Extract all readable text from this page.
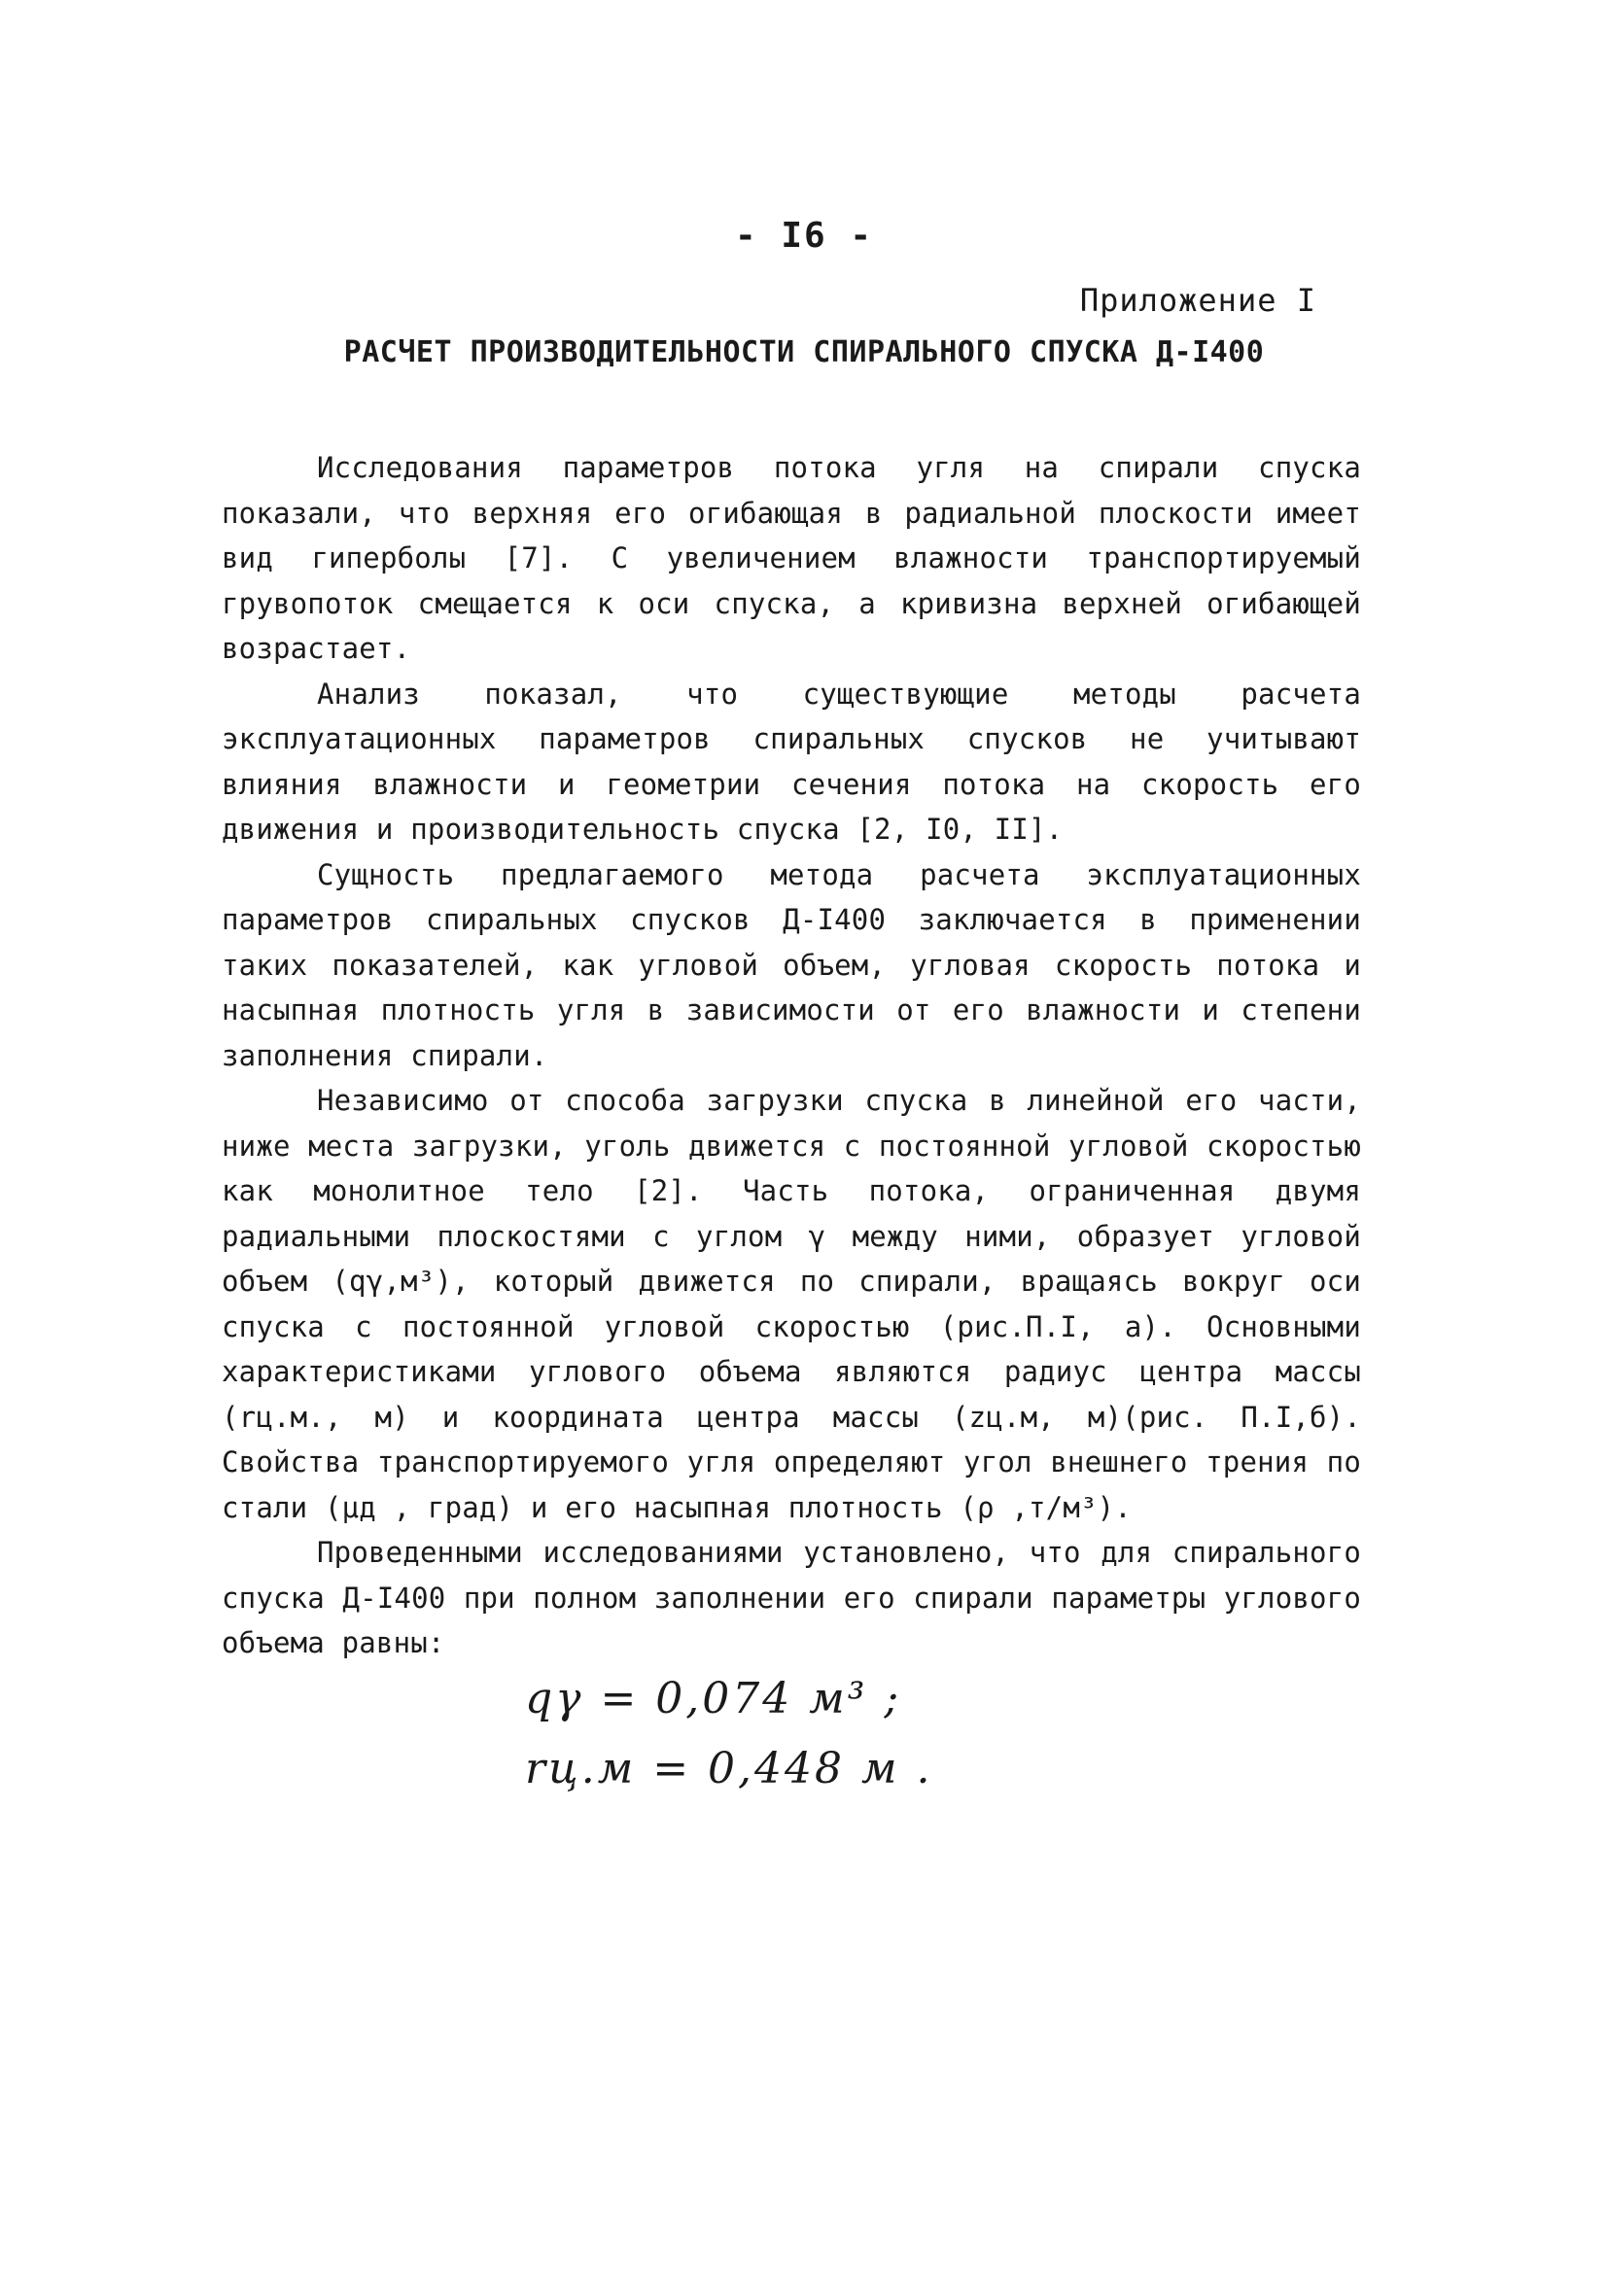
- I6 -
Приложение I
РАСЧЕТ ПРОИЗВОДИТЕЛЬНОСТИ СПИРАЛЬНОГО СПУСКА Д-I400

Исследования параметров потока угля на спирали спуска показали, что верхняя его огибающая в радиальной плоскости имеет вид гиперболы [7]. С увеличением влажности транспортируемый грувопоток смещается к оси спуска, а кривизна верхней огибающей возрастает.

Анализ показал, что существующие методы расчета эксплуатационных параметров спиральных спусков не учитывают влияния влажности и геометрии сечения потока на скорость его движения и производительность спуска [2, I0, II].

Сущность предлагаемого метода расчета эксплуатационных параметров спиральных спусков Д-I400 заключается в применении таких показателей, как угловой объем, угловая скорость потока и насыпная плотность угля в зависимости от его влажности и степени заполнения спирали.

Независимо от способа загрузки спуска в линейной его части, ниже места загрузки, уголь движется с постоянной угловой скоростью как монолитное тело [2]. Часть потока, ограниченная двумя радиальными плоскостями с углом γ между ними, образует угловой объем (qγ,м³), который движется по спирали, вращаясь вокруг оси спуска с постоянной угловой скоростью (рис.П.I, а). Основными характеристиками углового объема являются радиус центра массы (rц.м., м) и координата центра массы (zц.м, м)(рис. П.I,б). Свойства транспортируемого угля определяют угол внешнего трения по стали (μд , град) и его насыпная плотность (ρ ,т/м³).

Проведенными исследованиями установлено, что для спирального спуска Д-I400 при полном заполнении его спирали параметры углового объема равны:

qγ = 0,074 м³ ;
rц.м = 0,448 м .
